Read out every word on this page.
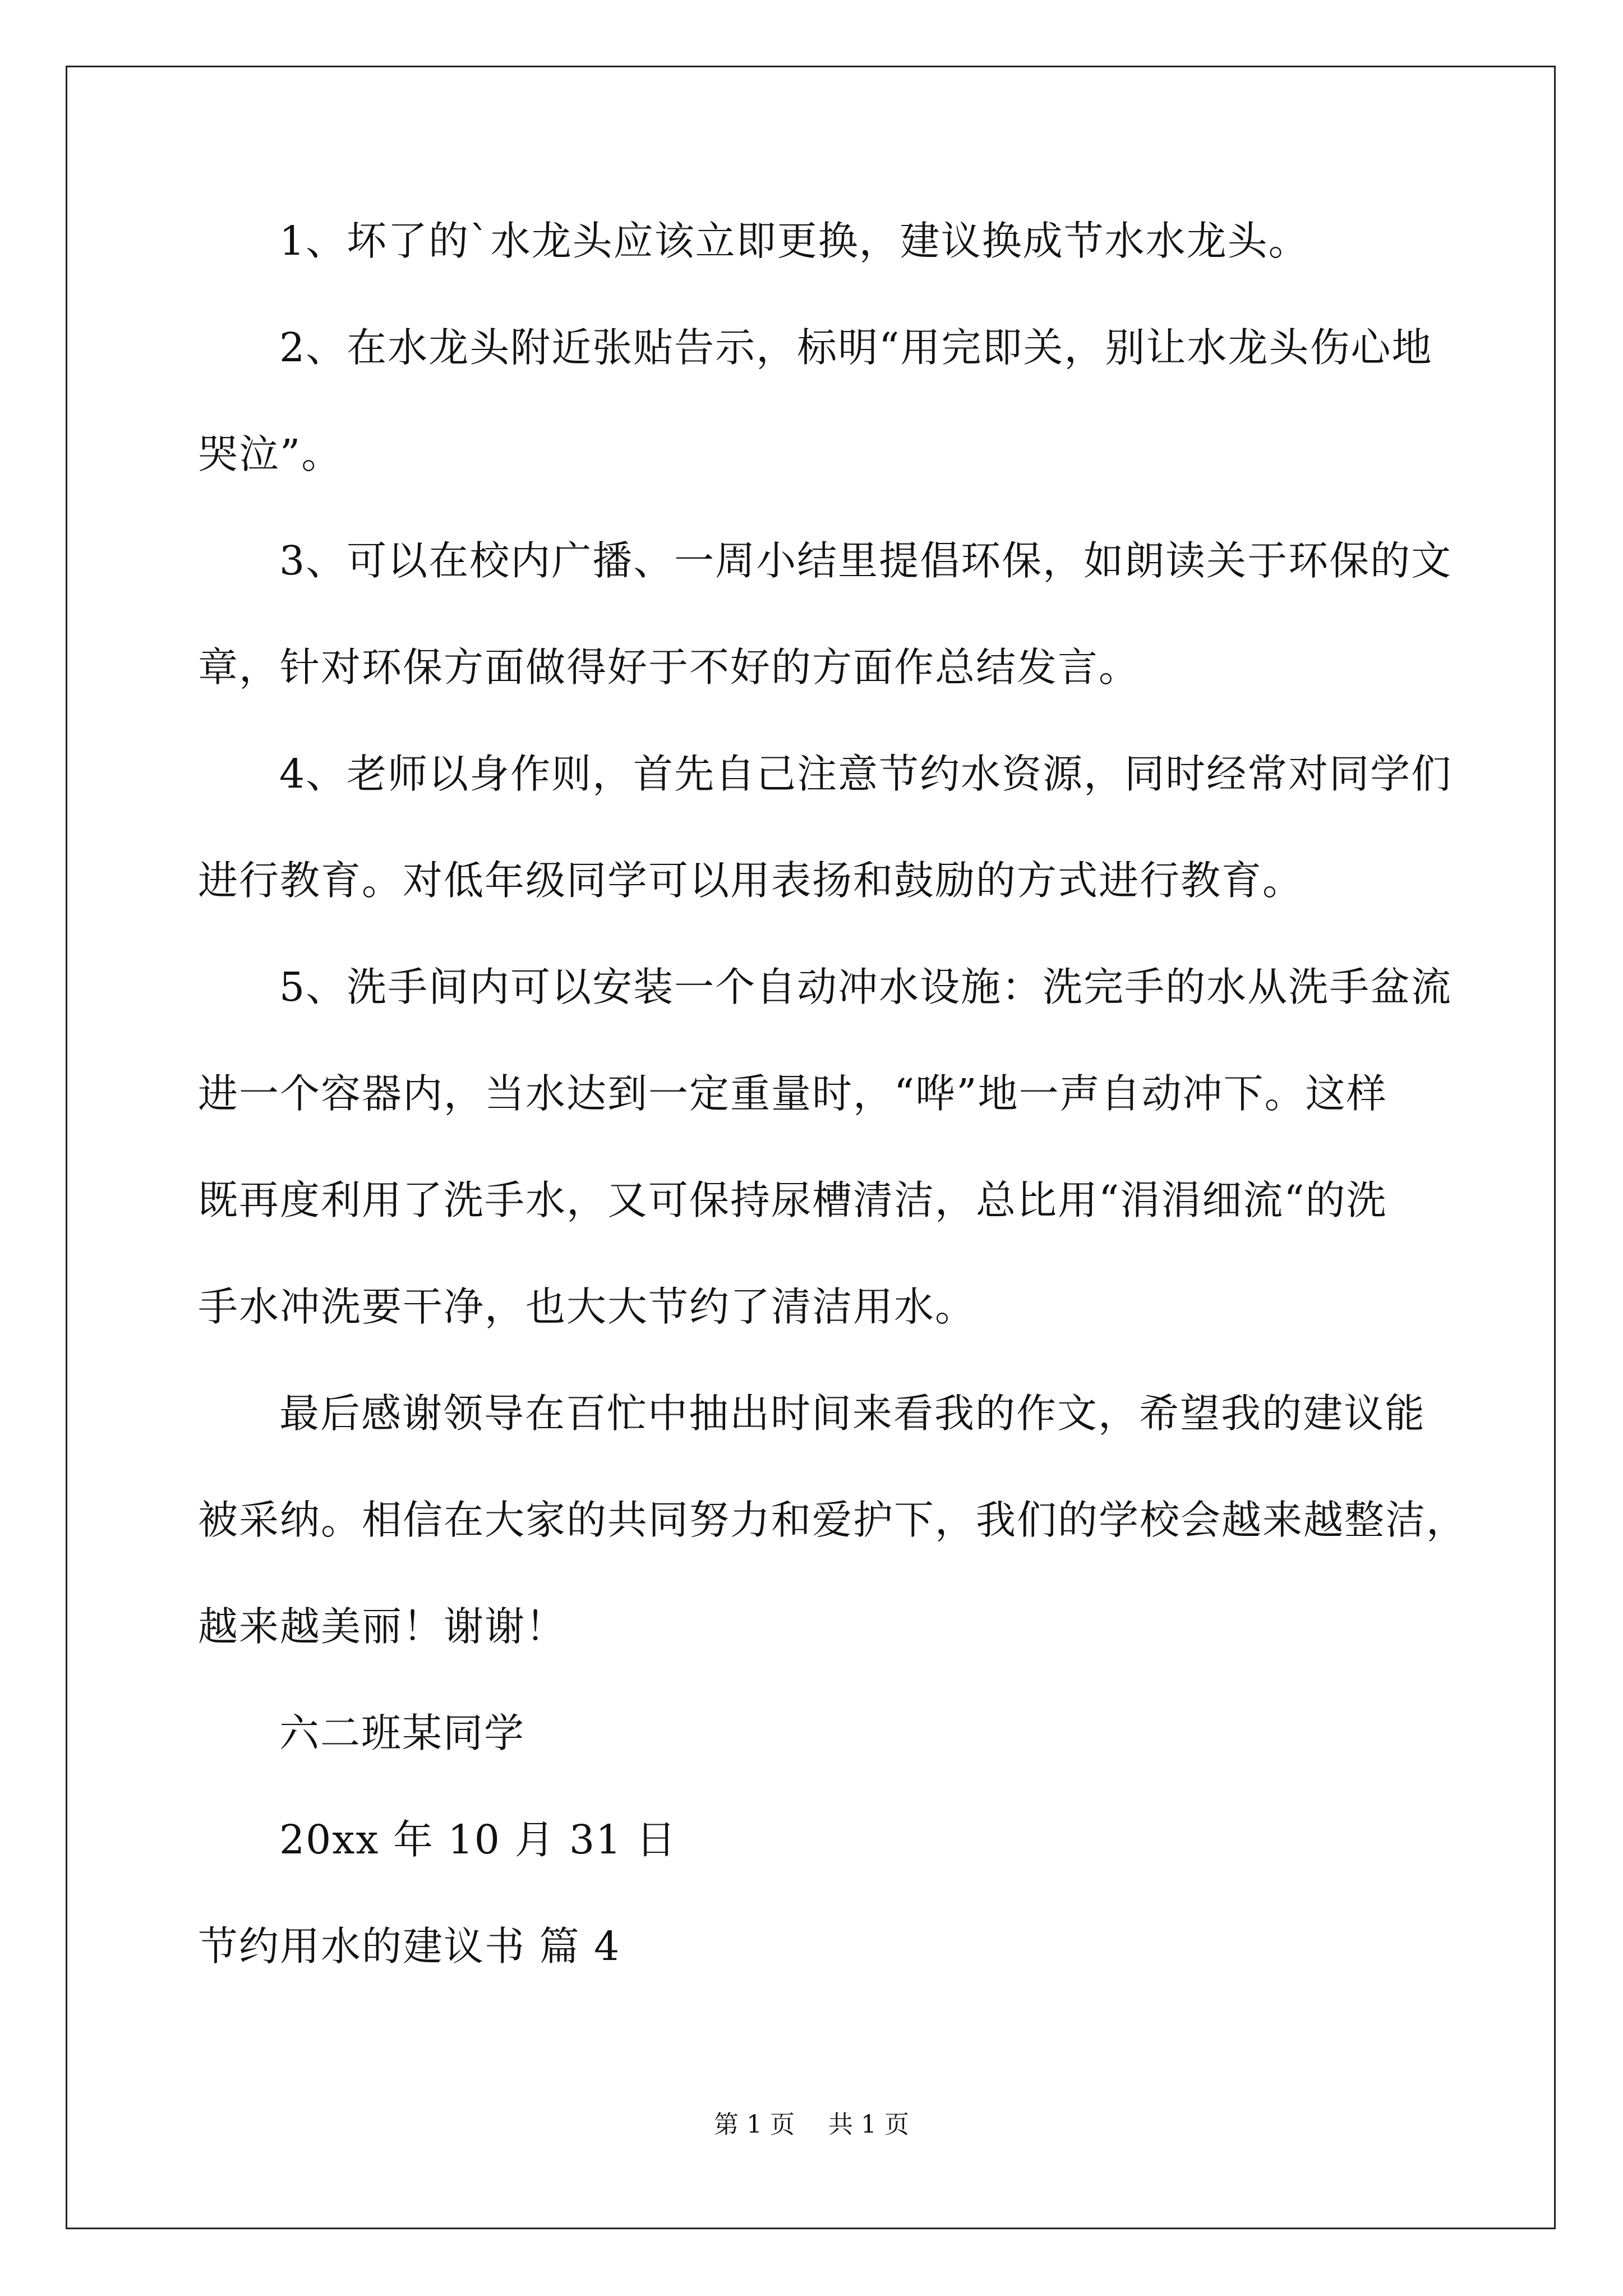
1、坏了的`水龙头应该立即更换，建议换成节水水龙头。
2、在水龙头附近张贴告示，标明“用完即关，别让水龙头伤心地
哭泣”。
3、可以在校内广播、一周小结里提倡环保，如朗读关于环保的文
章，针对环保方面做得好于不好的方面作总结发言。
4、老师以身作则，首先自己注意节约水资源，同时经常对同学们
进行教育。对低年级同学可以用表扬和鼓励的方式进行教育。
5、洗手间内可以安装一个自动冲水设施：洗完手的水从洗手盆流
进一个容器内，当水达到一定重量时，“哗”地一声自动冲下。这样
既再度利用了洗手水，又可保持尿槽清洁，总比用“涓涓细流“的洗
手水冲洗要干净，也大大节约了清洁用水。
最后感谢领导在百忙中抽出时间来看我的作文，希望我的建议能
被采纳。相信在大家的共同努力和爱护下，我们的学校会越来越整洁，
越来越美丽！谢谢！
六二班某同学
20xx 年 10 月 31 日
节约用水的建议书 篇 4
第 1 页 共 1 页
